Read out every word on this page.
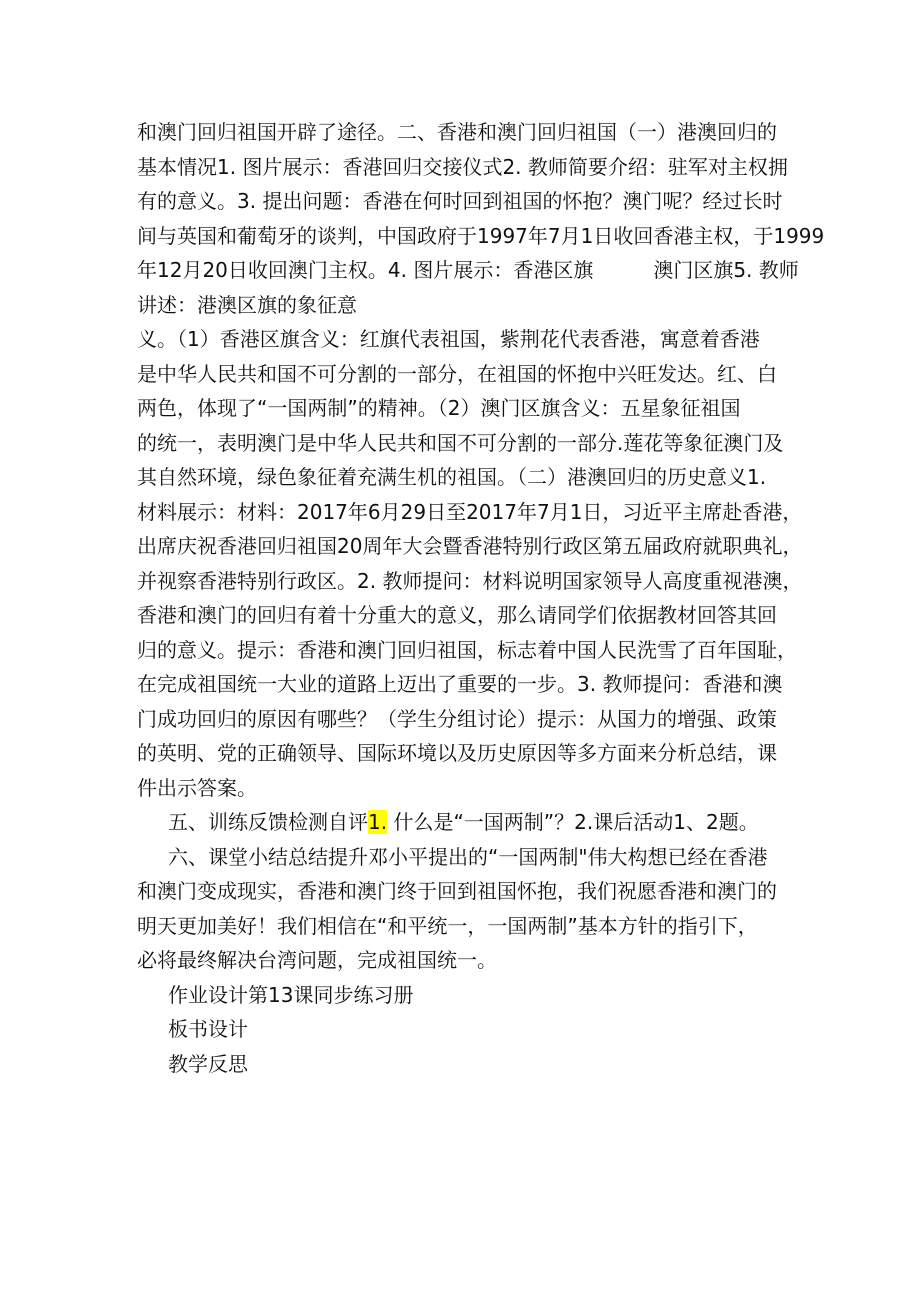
和澳门回归祖国开辟了途径。二、香港和澳门回归祖国（一）港澳回归的
基本情况1. 图片展示：香港回归交接仪式2. 教师简要介绍：驻军对主权拥
有的意义。3. 提出问题：香港在何时回到祖国的怀抱？澳门呢？经过长时
间与英国和葡萄牙的谈判，中国政府于1997年7月1日收回香港主权，于1999
年12月20日收回澳门主权。4. 图片展示：香港区旗　　　澳门区旗5. 教师
讲述：港澳区旗的象征意
义。（1）香港区旗含义：红旗代表祖国，紫荆花代表香港，寓意着香港
是中华人民共和国不可分割的一部分，在祖国的怀抱中兴旺发达。红、白
两色，体现了“一国两制”的精神。（2）澳门区旗含义：五星象征祖国
的统一，表明澳门是中华人民共和国不可分割的一部分.莲花等象征澳门及
其自然环境，绿色象征着充满生机的祖国。（二）港澳回归的历史意义1.
材料展示：材料：2017年6月29日至2017年7月1日，习近平主席赴香港，
出席庆祝香港回归祖国20周年大会暨香港特别行政区第五届政府就职典礼，
并视察香港特别行政区。2. 教师提问：材料说明国家领导人高度重视港澳，
香港和澳门的回归有着十分重大的意义，那么请同学们依据教材回答其回
归的意义。提示：香港和澳门回归祖国，标志着中国人民洗雪了百年国耻，
在完成祖国统一大业的道路上迈出了重要的一步。3. 教师提问：香港和澳
门成功回归的原因有哪些？（学生分组讨论）提示：从国力的增强、政策
的英明、党的正确领导、国际环境以及历史原因等多方面来分析总结，课
件出示答案。
五、训练反馈检测自评1. 什么是“一国两制”？2.课后活动1、2题。
六、课堂小结总结提升邓小平提出的“一国两制"伟大构想已经在香港
和澳门变成现实，香港和澳门终于回到祖国怀抱，我们祝愿香港和澳门的
明天更加美好！我们相信在“和平统一，一国两制”基本方针的指引下，
必将最终解决台湾问题，完成祖国统一。
作业设计第13课同步练习册
板书设计
教学反思
